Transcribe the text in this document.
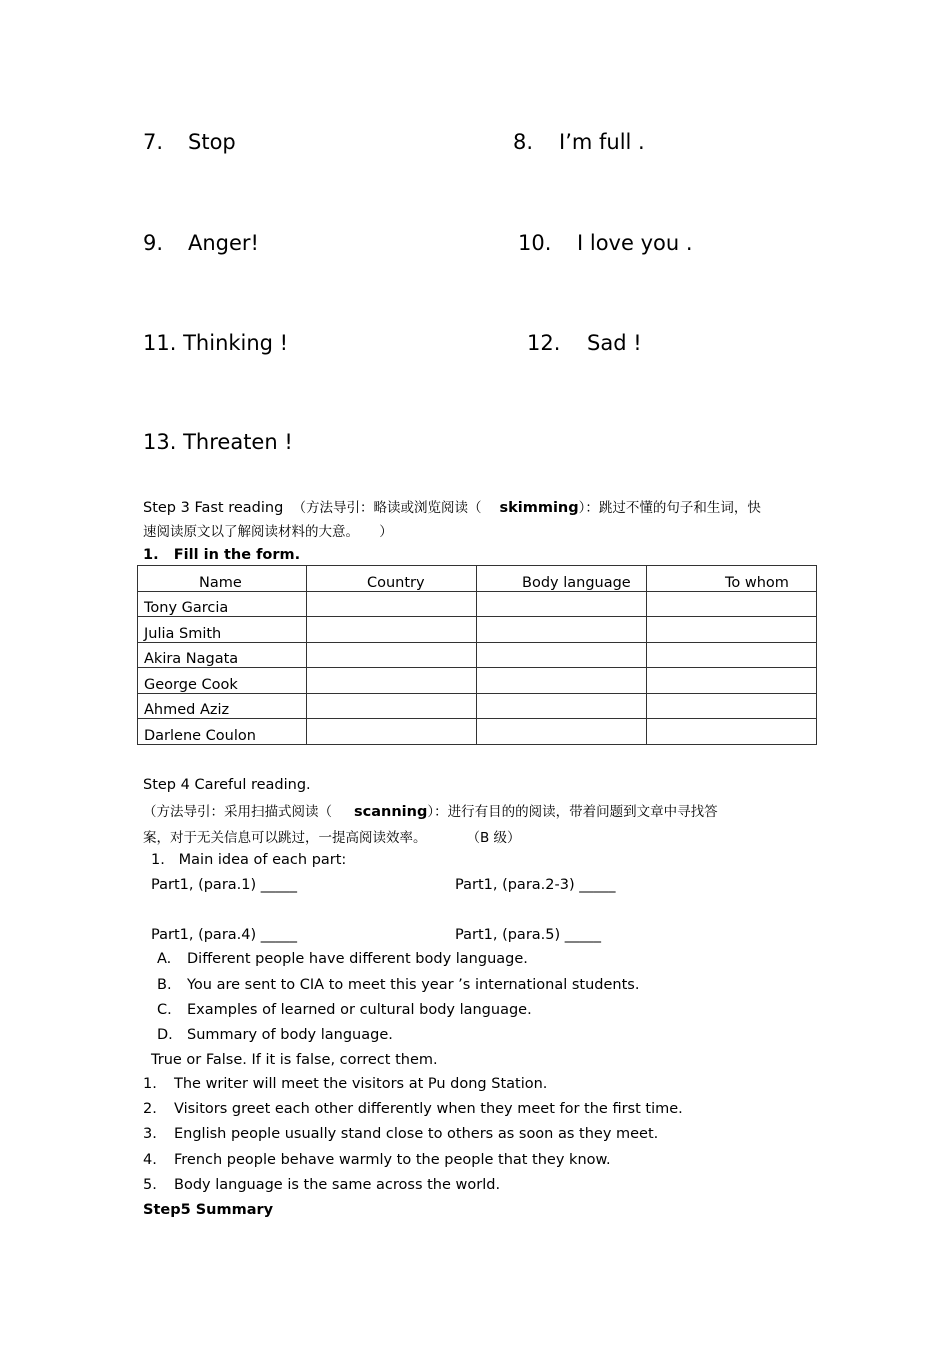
7. Stop	8. I’m full .
9. Anger!	10. I love you .
11. Thinking !	12. Sad !
13. Threaten !
Step 3 Fast reading （方法导引：略读或浏览阅读（ skimming）：跳过不懂的句子和生词，快
速阅读原文以了解阅读材料的大意。　　）
1.   Fill in the form.
Name	Country	Body language	To whom
Tony Garcia			
Julia Smith			
Akira Nagata			
George Cook			
Ahmed Aziz			
Darlene Coulon			
Step 4 Careful reading.
（方法导引：采用扫描式阅读（ scanning）：进行有目的的阅读，带着问题到文章中寻找答
案，对于无关信息可以跳过，一提高阅读效率。	（B 级）
1.   Main idea of each part:
Part1, (para.1) _____	Part1, (para.2-3) _____
Part1, (para.4) _____	Part1, (para.5) _____
A. Different people have different body language.
B. You are sent to CIA to meet this year ’s international students.
C. Examples of learned or cultural body language.
D. Summary of body language.
True or False. If it is false, correct them.
1. The writer will meet the visitors at Pu dong Station.
2. Visitors greet each other differently when they meet for the first time.
3. English people usually stand close to others as soon as they meet.
4. French people behave warmly to the people that they know.
5. Body language is the same across the world.
Step5 Summary
